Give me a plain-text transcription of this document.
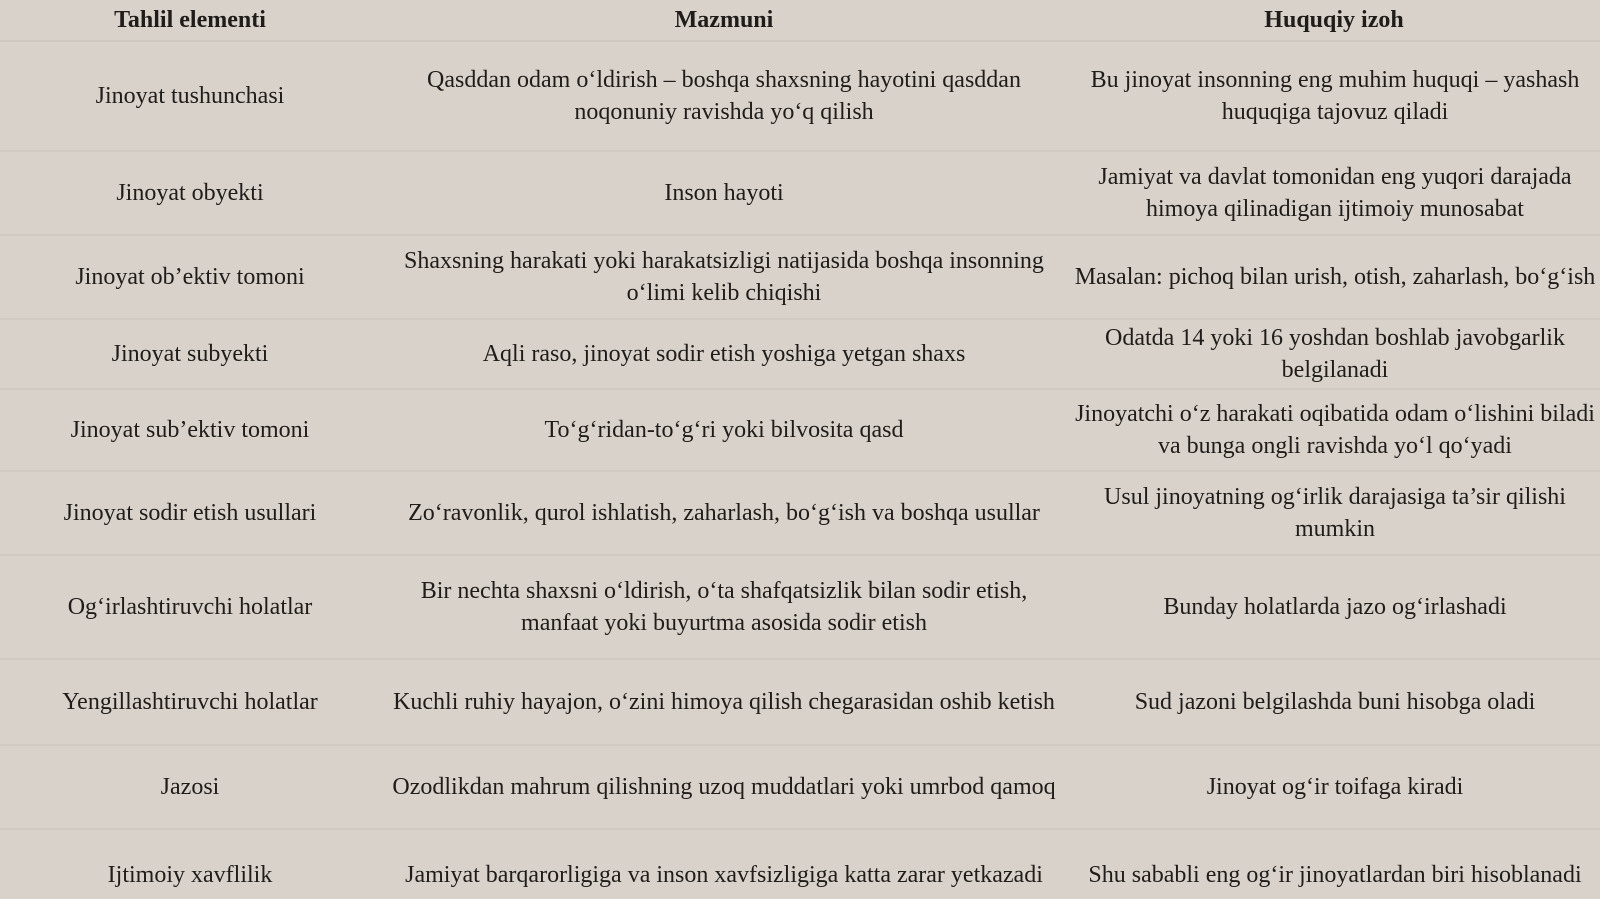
Tahlil elementi	Mazmuni	Huquqiy izoh
Jinoyat tushunchasi	Qasddan odam o‘ldirish – boshqa shaxsning hayotini qasddan noqonuniy ravishda yo‘q qilish	Bu jinoyat insonning eng muhim huquqi – yashash huquqiga tajovuz qiladi
Jinoyat obyekti	Inson hayoti	Jamiyat va davlat tomonidan eng yuqori darajada himoya qilinadigan ijtimoiy munosabat
Jinoyat ob’ektiv tomoni	Shaxsning harakati yoki harakatsizligi natijasida boshqa insonning o‘limi kelib chiqishi	Masalan: pichoq bilan urish, otish, zaharlash, bo‘g‘ish
Jinoyat subyekti	Aqli raso, jinoyat sodir etish yoshiga yetgan shaxs	Odatda 14 yoki 16 yoshdan boshlab javobgarlik belgilanadi
Jinoyat sub’ektiv tomoni	To‘g‘ridan-to‘g‘ri yoki bilvosita qasd	Jinoyatchi o‘z harakati oqibatida odam o‘lishini biladi va bunga ongli ravishda yo‘l qo‘yadi
Jinoyat sodir etish usullari	Zo‘ravonlik, qurol ishlatish, zaharlash, bo‘g‘ish va boshqa usullar	Usul jinoyatning og‘irlik darajasiga ta’sir qilishi mumkin
Og‘irlashtiruvchi holatlar	Bir nechta shaxsni o‘ldirish, o‘ta shafqatsizlik bilan sodir etish, manfaat yoki buyurtma asosida sodir etish	Bunday holatlarda jazo og‘irlashadi
Yengillashtiruvchi holatlar	Kuchli ruhiy hayajon, o‘zini himoya qilish chegarasidan oshib ketish	Sud jazoni belgilashda buni hisobga oladi
Jazosi	Ozodlikdan mahrum qilishning uzoq muddatlari yoki umrbod qamoq	Jinoyat og‘ir toifaga kiradi
Ijtimoiy xavflilik	Jamiyat barqarorligiga va inson xavfsizligiga katta zarar yetkazadi	Shu sababli eng og‘ir jinoyatlardan biri hisoblanadi
